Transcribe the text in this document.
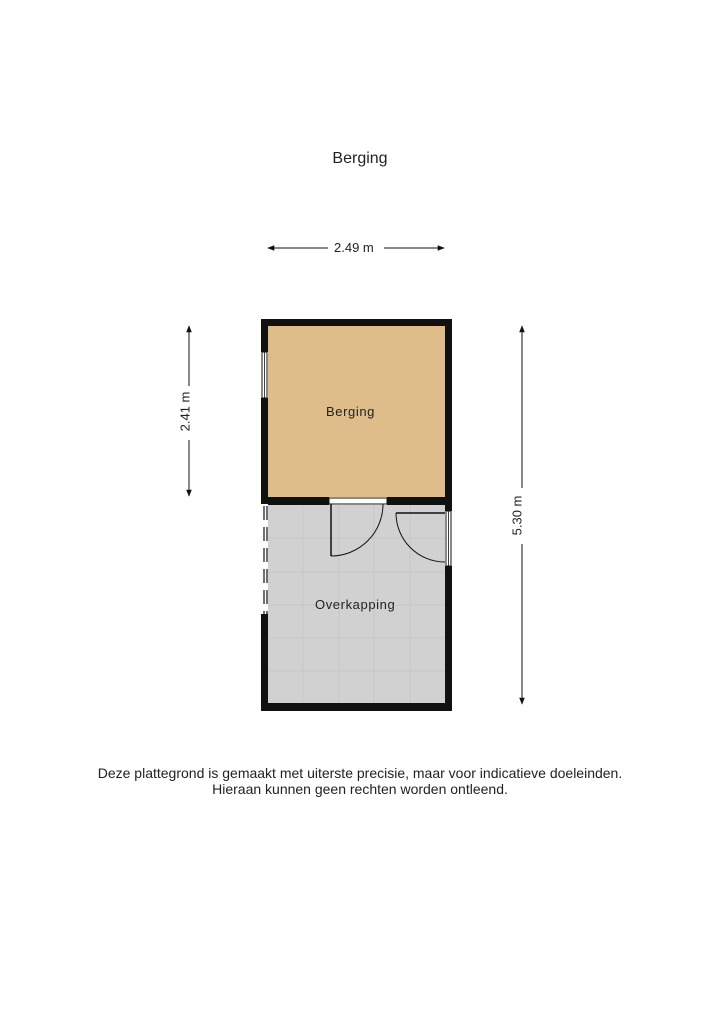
Berging
2.49 m
2.41 m
5.30 m
Berging
Overkapping
Deze plattegrond is gemaakt met uiterste precisie, maar voor indicatieve doeleinden.
Hieraan kunnen geen rechten worden ontleend.
